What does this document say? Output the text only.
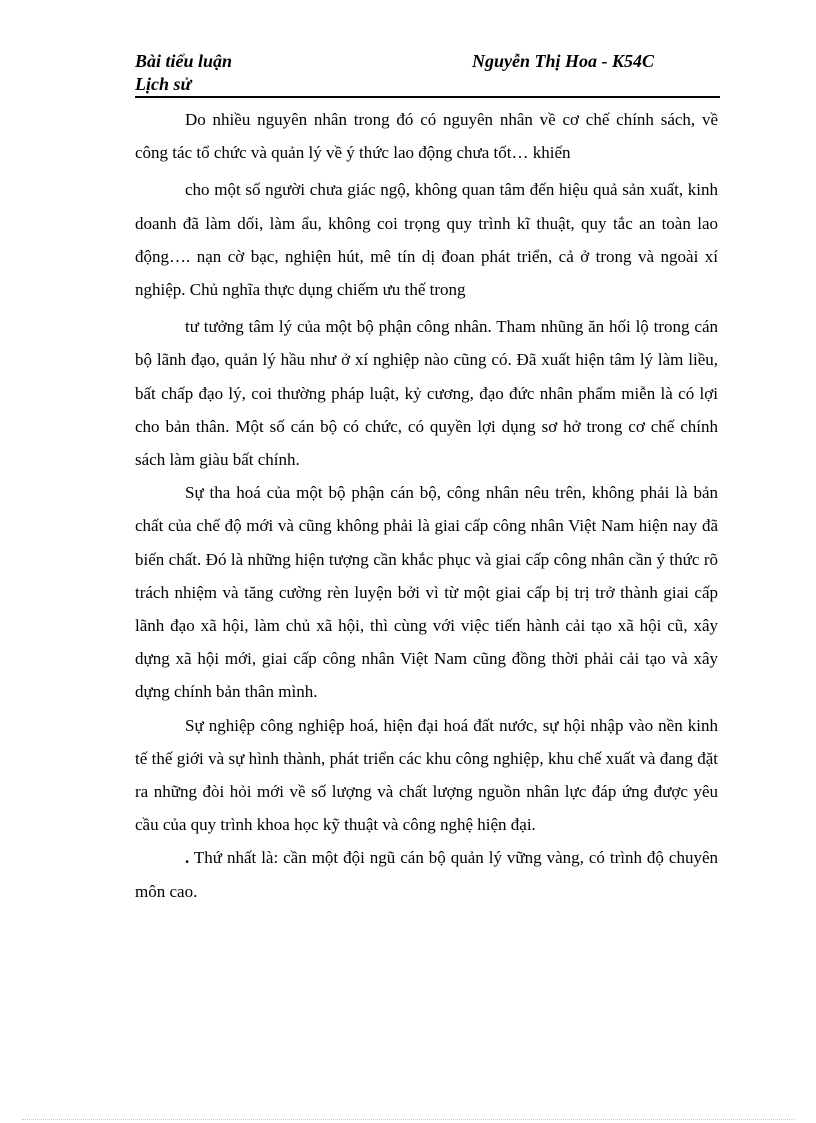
Bài tiểu luận
Lịch sử
Nguyễn Thị Hoa - K54C

Do nhiều nguyên nhân trong đó có nguyên nhân về cơ chế chính sách, về công tác tổ chức và quản lý về ý thức lao động chưa tốt… khiến

cho một số người chưa giác ngộ, không quan tâm đến hiệu quả sản xuất, kinh doanh đã làm dối, làm ẩu, không coi trọng quy trình kĩ thuật, quy tắc an toàn lao động…. nạn cờ bạc, nghiện hút, mê tín dị đoan phát triển, cả ở trong và ngoài xí nghiệp. Chủ nghĩa thực dụng chiếm ưu thế trong

tư tưởng tâm lý của một bộ phận công nhân. Tham nhũng ăn hối lộ trong cán bộ lãnh đạo, quản lý hầu như ở xí nghiệp nào cũng có. Đã xuất hiện tâm lý làm liều, bất chấp đạo lý, coi thường pháp luật, kỷ cương, đạo đức nhân phẩm miễn là có lợi cho bản thân. Một số cán bộ có chức, có quyền lợi dụng sơ hở trong cơ chế chính sách làm giàu bất chính.

Sự tha hoá của một bộ phận cán bộ, công nhân nêu trên, không phải là bản chất của chế độ mới và cũng không phải là giai cấp công nhân Việt Nam hiện nay đã biến chất. Đó là những hiện tượng cần khắc phục và giai cấp công nhân cần ý thức rõ trách nhiệm và tăng cường rèn luyện bởi vì từ một giai cấp bị trị trở thành giai cấp lãnh đạo xã hội, làm chủ xã hội, thì cùng với việc tiến hành cải tạo xã hội cũ, xây dựng xã hội mới, giai cấp công nhân Việt Nam cũng đồng thời phải cải tạo và xây dựng chính bản thân mình.

Sự nghiệp công nghiệp hoá, hiện đại hoá đất nước, sự hội nhập vào nền kinh tế thế giới và sự hình thành, phát triển các khu công nghiệp, khu chế xuất và đang đặt ra những đòi hỏi mới về số lượng và chất lượng nguồn nhân lực đáp ứng được yêu cầu của quy trình khoa học kỹ thuật và công nghệ hiện đại.

. Thứ nhất là: cần một đội ngũ cán bộ quản lý vững vàng, có trình độ chuyên môn cao.
